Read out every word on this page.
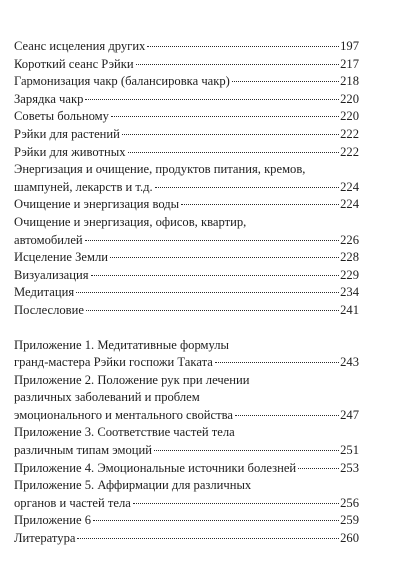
Сеанс исцеления других	197
Короткий сеанс Рэйки	217
Гармонизация чакр (балансировка чакр)	218
Зарядка чакр	220
Советы больному	220
Рэйки для растений	222
Рэйки для животных	222
Энергизация и очищение, продуктов питания, кремов,
шампуней, лекарств и т.д.	224
Очищение и энергизация воды	224
Очищение и энергизация, офисов, квартир,
автомобилей	226
Исцеление Земли	228
Визуализация	229
Медитация	234
Послесловие	241
Приложение 1. Медитативные формулы
гранд-мастера Рэйки госпожи Таката	243
Приложение 2. Положение рук при лечении
различных заболеваний и проблем
эмоционального и ментального свойства	247
Приложение 3. Соответствие частей тела
различным типам эмоций	251
Приложение 4. Эмоциональные источники болезней	253
Приложение 5. Аффирмации для различных
органов и частей тела	256
Приложение 6	259
Литература	260
